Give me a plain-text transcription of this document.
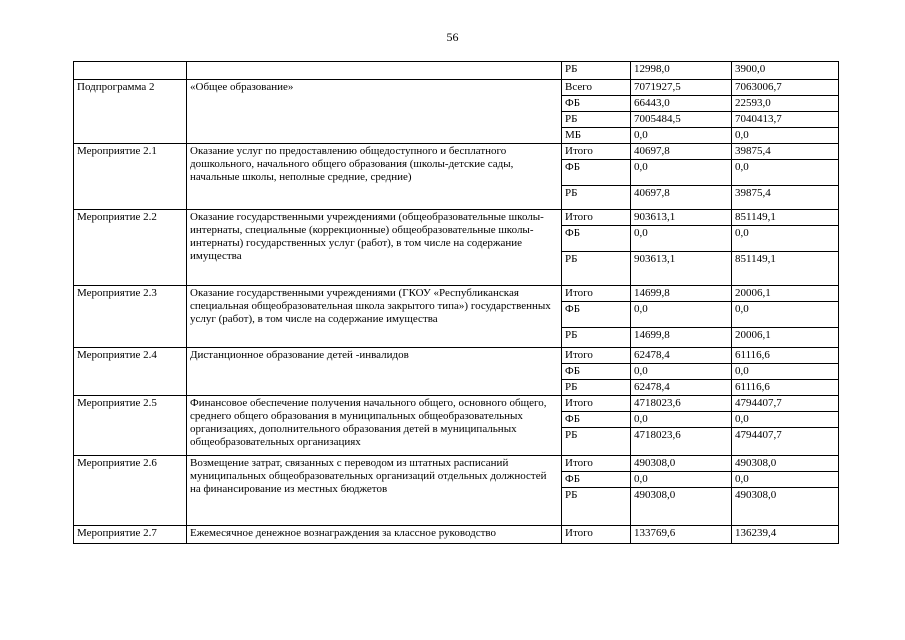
56
		РБ	12998,0	3900,0
Подпрограмма 2	«Общее образование»	Всего	7071927,5	7063006,7
		ФБ	66443,0	22593,0
		РБ	7005484,5	7040413,7
		МБ	0,0	0,0
Мероприятие 2.1	Оказание услуг по предоставлению общедоступного и бесплатного дошкольного, начального общего образования (школы-детские сады, начальные школы, неполные средние, средние)	Итого	40697,8	39875,4
		ФБ	0,0	0,0
		РБ	40697,8	39875,4
Мероприятие 2.2	Оказание государственными учреждениями (общеобразовательные школы-интернаты, специальные (коррекционные) общеобразовательные школы-интернаты) государственных услуг (работ), в том числе на содержание имущества	Итого	903613,1	851149,1
		ФБ	0,0	0,0
		РБ	903613,1	851149,1
Мероприятие 2.3	Оказание государственными учреждениями (ГКОУ «Республиканская специальная общеобразовательная школа закрытого типа») государственных услуг (работ), в том числе на содержание имущества	Итого	14699,8	20006,1
		ФБ	0,0	0,0
		РБ	14699,8	20006,1
Мероприятие 2.4	Дистанционное образование детей -инвалидов	Итого	62478,4	61116,6
		ФБ	0,0	0,0
		РБ	62478,4	61116,6
Мероприятие 2.5	Финансовое обеспечение получения начального общего, основного общего, среднего общего образования в муниципальных общеобразовательных организациях, дополнительного образования детей в муниципальных общеобразовательных организациях	Итого	4718023,6	4794407,7
		ФБ	0,0	0,0
		РБ	4718023,6	4794407,7
Мероприятие 2.6	Возмещение затрат, связанных с переводом из штатных расписаний муниципальных общеобразовательных организаций отдельных должностей на финансирование из местных бюджетов	Итого	490308,0	490308,0
		ФБ	0,0	0,0
		РБ	490308,0	490308,0
Мероприятие 2.7	Ежемесячное денежное вознаграждения за классное руководство	Итого	133769,6	136239,4
